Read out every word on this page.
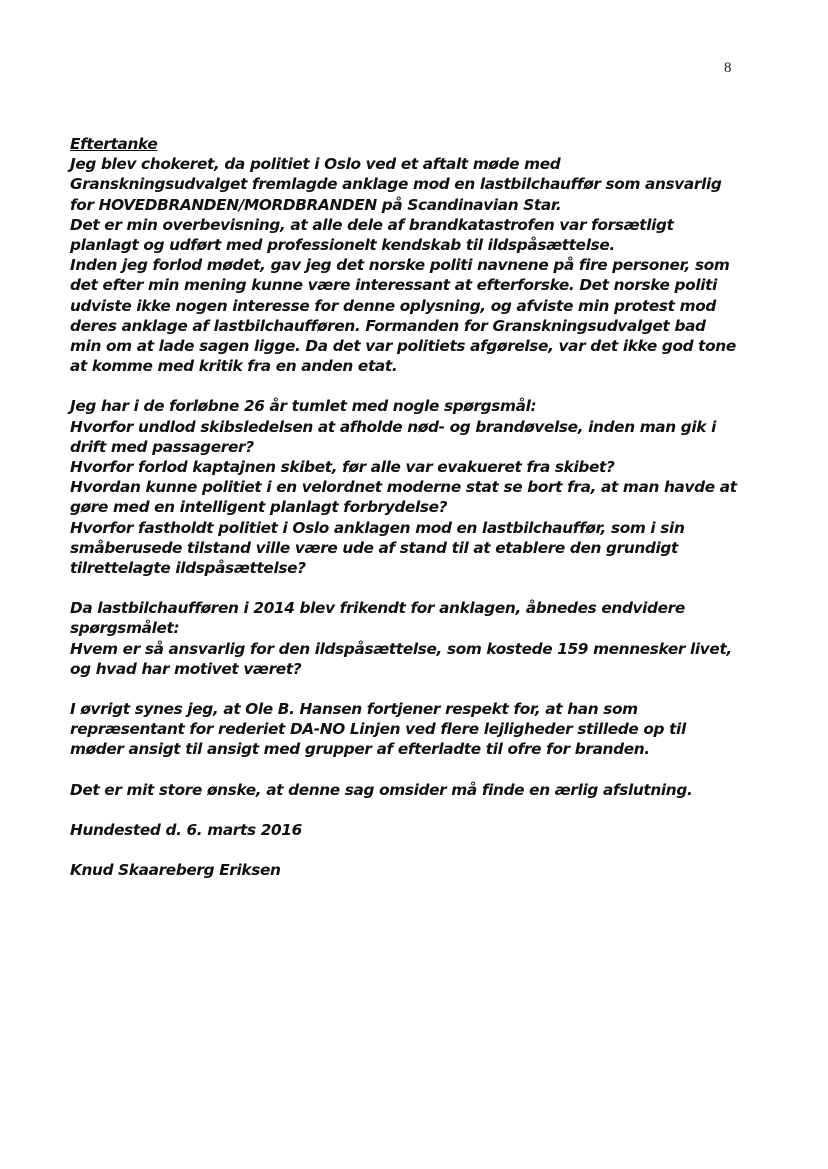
8
Eftertanke
Jeg blev chokeret, da politiet i Oslo ved et aftalt møde med
Granskningsudvalget fremlagde anklage mod en lastbilchauffør som ansvarlig
for HOVEDBRANDEN/MORDBRANDEN på Scandinavian Star.
Det er min overbevisning, at alle dele af brandkatastrofen var forsætligt
planlagt og udført med professionelt kendskab til ildspåsættelse.
Inden jeg forlod mødet, gav jeg det norske politi navnene på fire personer, som
det efter min mening kunne være interessant at efterforske. Det norske politi
udviste ikke nogen interesse for denne oplysning, og afviste min protest mod
deres anklage af lastbilchaufføren. Formanden for Granskningsudvalget bad
min om at lade sagen ligge. Da det var politiets afgørelse, var det ikke god tone
at komme med kritik fra en anden etat.
Jeg har i de forløbne 26 år tumlet med nogle spørgsmål:
Hvorfor undlod skibsledelsen at afholde nød- og brandøvelse, inden man gik i
drift med passagerer?
Hvorfor forlod kaptajnen skibet, før alle var evakueret fra skibet?
Hvordan kunne politiet i en velordnet moderne stat se bort fra, at man havde at
gøre med en intelligent planlagt forbrydelse?
Hvorfor fastholdt politiet i Oslo anklagen mod en lastbilchauffør, som i sin
småberusede tilstand ville være ude af stand til at etablere den grundigt
tilrettelagte ildspåsættelse?
Da lastbilchaufføren i 2014 blev frikendt for anklagen, åbnedes endvidere
spørgsmålet:
Hvem er så ansvarlig for den ildspåsættelse, som kostede 159 mennesker livet,
og hvad har motivet været?
I øvrigt synes jeg, at Ole B. Hansen fortjener respekt for, at han som
repræsentant for rederiet DA-NO Linjen ved flere lejligheder stillede op til
møder ansigt til ansigt med grupper af efterladte til ofre for branden.
Det er mit store ønske, at denne sag omsider må finde en ærlig afslutning.
Hundested d. 6. marts 2016
Knud Skaareberg Eriksen
